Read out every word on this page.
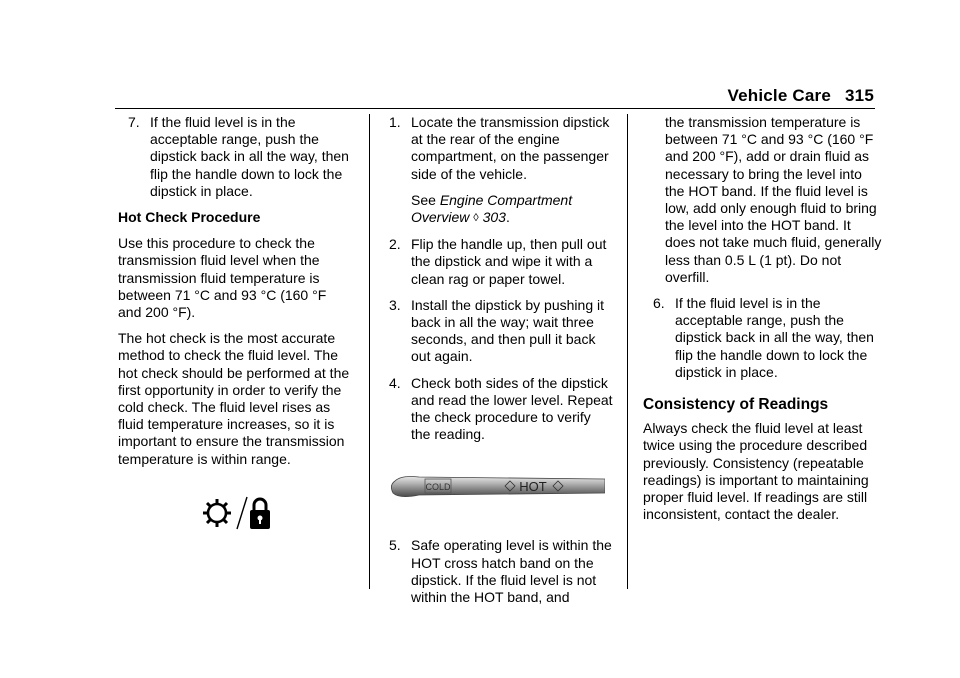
Vehicle Care 315
7. If the fluid level is in the acceptable range, push the dipstick back in all the way, then flip the handle down to lock the dipstick in place.

Hot Check Procedure

Use this procedure to check the transmission fluid level when the transmission fluid temperature is between 71 °C and 93 °C (160 °F and 200 °F).

The hot check is the most accurate method to check the fluid level. The hot check should be performed at the first opportunity in order to verify the cold check. The fluid level rises as fluid temperature increases, so it is important to ensure the transmission temperature is within range.

1. Locate the transmission dipstick at the rear of the engine compartment, on the passenger side of the vehicle.
See Engine Compartment Overview ◊ 303.
2. Flip the handle up, then pull out the dipstick and wipe it with a clean rag or paper towel.
3. Install the dipstick by pushing it back in all the way; wait three seconds, and then pull it back out again.
4. Check both sides of the dipstick and read the lower level. Repeat the check procedure to verify the reading.
COLD	HOT
5. Safe operating level is within the HOT cross hatch band on the dipstick. If the fluid level is not within the HOT band, and

the transmission temperature is between 71 °C and 93 °C (160 °F and 200 °F), add or drain fluid as necessary to bring the level into the HOT band. If the fluid level is low, add only enough fluid to bring the level into the HOT band. It does not take much fluid, generally less than 0.5 L (1 pt). Do not overfill.

6. If the fluid level is in the acceptable range, push the dipstick back in all the way, then flip the handle down to lock the dipstick in place.
Consistency of Readings

Always check the fluid level at least twice using the procedure described previously. Consistency (repeatable readings) is important to maintaining proper fluid level. If readings are still inconsistent, contact the dealer.
